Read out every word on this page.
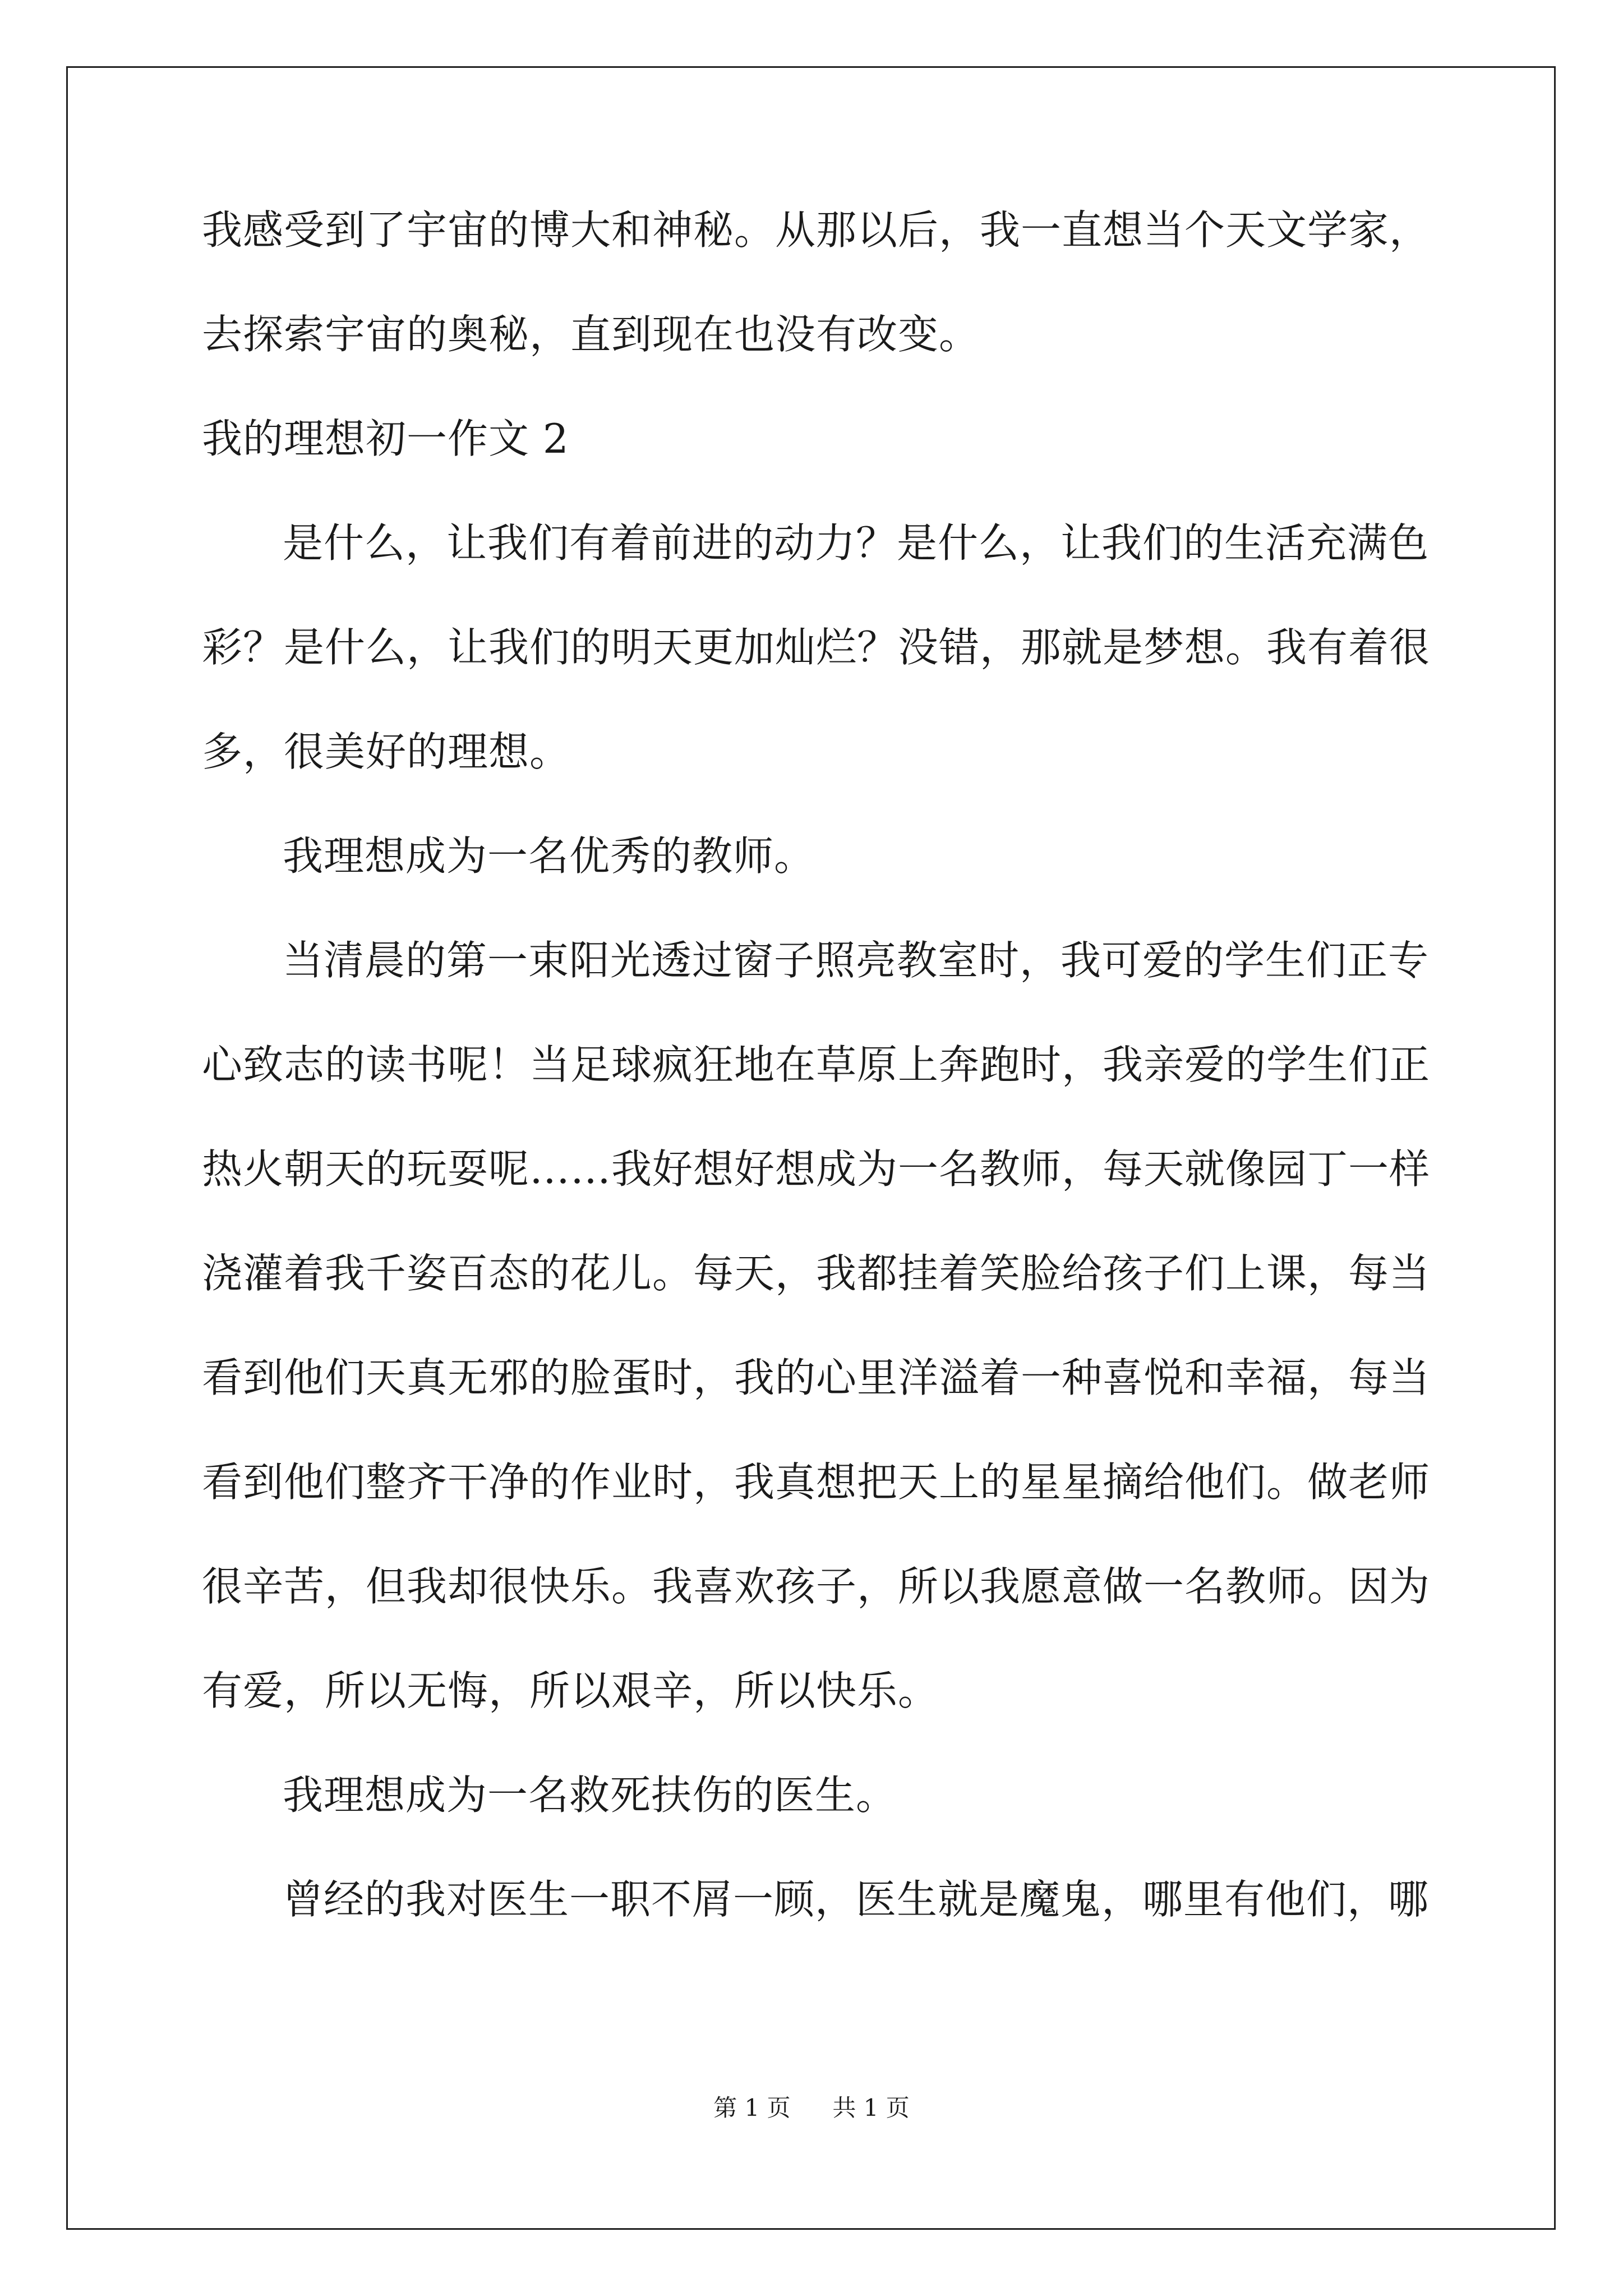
我感受到了宇宙的博大和神秘。从那以后，我一直想当个天文学家，
去探索宇宙的奥秘，直到现在也没有改变。
我的理想初一作文 2
是什么，让我们有着前进的动力？是什么，让我们的生活充满色
彩？是什么，让我们的明天更加灿烂？没错，那就是梦想。我有着很
多，很美好的理想。
我理想成为一名优秀的教师。
当清晨的第一束阳光透过窗子照亮教室时，我可爱的学生们正专
心致志的读书呢！当足球疯狂地在草原上奔跑时，我亲爱的学生们正
热火朝天的玩耍呢……我好想好想成为一名教师，每天就像园丁一样
浇灌着我千姿百态的花儿。每天，我都挂着笑脸给孩子们上课，每当
看到他们天真无邪的脸蛋时，我的心里洋溢着一种喜悦和幸福，每当
看到他们整齐干净的作业时，我真想把天上的星星摘给他们。做老师
很辛苦，但我却很快乐。我喜欢孩子，所以我愿意做一名教师。因为
有爱，所以无悔，所以艰辛，所以快乐。
我理想成为一名救死扶伤的医生。
曾经的我对医生一职不屑一顾，医生就是魔鬼，哪里有他们，哪
第 1 页 共 1 页
